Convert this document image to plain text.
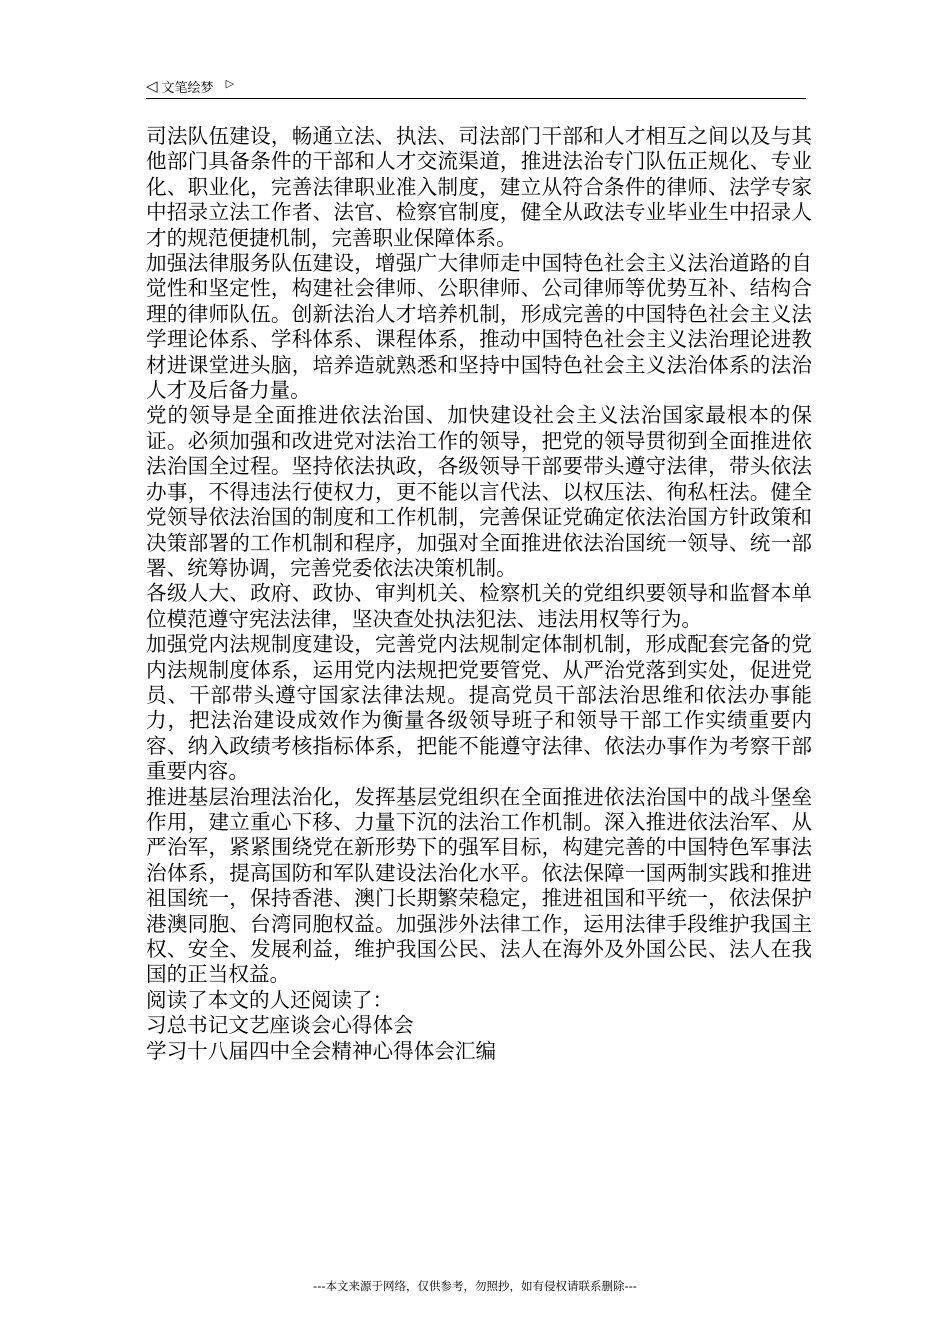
◁ 文笔绘梦 ▷

司法队伍建设，畅通立法、执法、司法部门干部和人才相互之间以及与其他部门具备条件的干部和人才交流渠道，推进法治专门队伍正规化、专业化、职业化，完善法律职业准入制度，建立从符合条件的律师、法学专家中招录立法工作者、法官、检察官制度，健全从政法专业毕业生中招录人才的规范便捷机制，完善职业保障体系。

加强法律服务队伍建设，增强广大律师走中国特色社会主义法治道路的自觉性和坚定性，构建社会律师、公职律师、公司律师等优势互补、结构合理的律师队伍。创新法治人才培养机制，形成完善的中国特色社会主义法学理论体系、学科体系、课程体系，推动中国特色社会主义法治理论进教材进课堂进头脑，培养造就熟悉和坚持中国特色社会主义法治体系的法治人才及后备力量。

党的领导是全面推进依法治国、加快建设社会主义法治国家最根本的保证。必须加强和改进党对法治工作的领导，把党的领导贯彻到全面推进依法治国全过程。坚持依法执政，各级领导干部要带头遵守法律，带头依法办事，不得违法行使权力，更不能以言代法、以权压法、徇私枉法。健全党领导依法治国的制度和工作机制，完善保证党确定依法治国方针政策和决策部署的工作机制和程序，加强对全面推进依法治国统一领导、统一部署、统筹协调，完善党委依法决策机制。

各级人大、政府、政协、审判机关、检察机关的党组织要领导和监督本单位模范遵守宪法法律，坚决查处执法犯法、违法用权等行为。

加强党内法规制度建设，完善党内法规制定体制机制，形成配套完备的党内法规制度体系，运用党内法规把党要管党、从严治党落到实处，促进党员、干部带头遵守国家法律法规。提高党员干部法治思维和依法办事能力，把法治建设成效作为衡量各级领导班子和领导干部工作实绩重要内容、纳入政绩考核指标体系，把能不能遵守法律、依法办事作为考察干部重要内容。

推进基层治理法治化，发挥基层党组织在全面推进依法治国中的战斗堡垒作用，建立重心下移、力量下沉的法治工作机制。深入推进依法治军、从严治军，紧紧围绕党在新形势下的强军目标，构建完善的中国特色军事法治体系，提高国防和军队建设法治化水平。依法保障一国两制实践和推进祖国统一，保持香港、澳门长期繁荣稳定，推进祖国和平统一，依法保护港澳同胞、台湾同胞权益。加强涉外法律工作，运用法律手段维护我国主权、安全、发展利益，维护我国公民、法人在海外及外国公民、法人在我国的正当权益。

阅读了本文的人还阅读了：

习总书记文艺座谈会心得体会

学习十八届四中全会精神心得体会汇编

---本文来源于网络，仅供参考，勿照抄，如有侵权请联系删除---
